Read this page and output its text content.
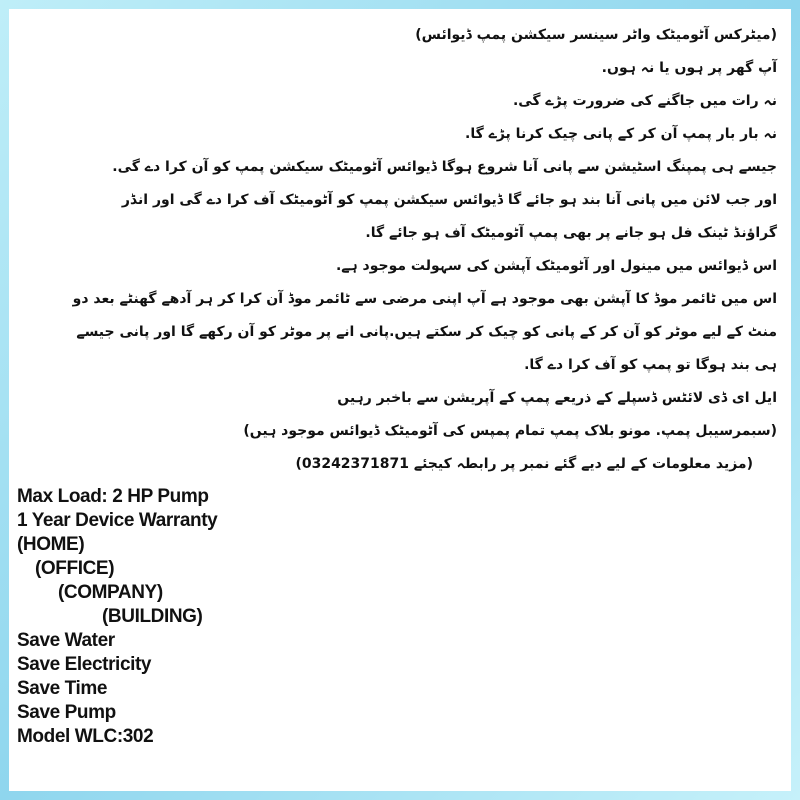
(میٹرکس آٹومیٹک واٹر سینسر سیکشن پمپ ڈیوائس)
آپ گھر پر ہوں یا نہ ہوں.
نہ رات میں جاگنے کی ضرورت پڑے گی.
نہ بار بار پمپ آن کر کے پانی چیک کرنا پڑے گا.
جیسے ہی پمپنگ اسٹیشن سے پانی آنا شروع ہوگا ڈیوائس آٹومیٹک سیکشن پمپ کو آن کرا دے گی.
اور جب لائن میں پانی آنا بند ہو جائے گا ڈیوائس سیکشن پمپ کو آٹومیٹک آف کرا دے گی اور انڈر
گراؤنڈ ٹینک فل ہو جانے پر بھی پمپ آٹومیٹک آف ہو جائے گا.
اس ڈیوائس میں مینول اور آٹومیٹک آپشن کی سہولت موجود ہے.
اس میں ٹائمر موڈ کا آپشن بھی موجود ہے آپ اپنی مرضی سے ٹائمر موڈ آن کرا کر ہر آدھے گھنٹے بعد دو
منٹ کے لیے موٹر کو آن کر کے پانی کو چیک کر سکتے ہیں.پانی انے پر موٹر کو آن رکھے گا اور پانی جیسے
ہی بند ہوگا تو پمپ کو آف کرا دے گا.
ایل ای ڈی لائٹس ڈسپلے کے ذریعے پمپ کے آپریشن سے باخبر رہیں
(سبمرسیبل پمپ. مونو بلاک پمپ تمام پمپس کی آٹومیٹک ڈیوائس موجود ہیں)
(مزید معلومات کے لیے دیے گئے نمبر پر رابطہ کیجئے 03242371871)
Max Load: 2 HP Pump
1 Year Device Warranty
(HOME)
(OFFICE)
(COMPANY)
(BUILDING)
Save Water
Save Electricity
Save Time
Save Pump
Model WLC:302
